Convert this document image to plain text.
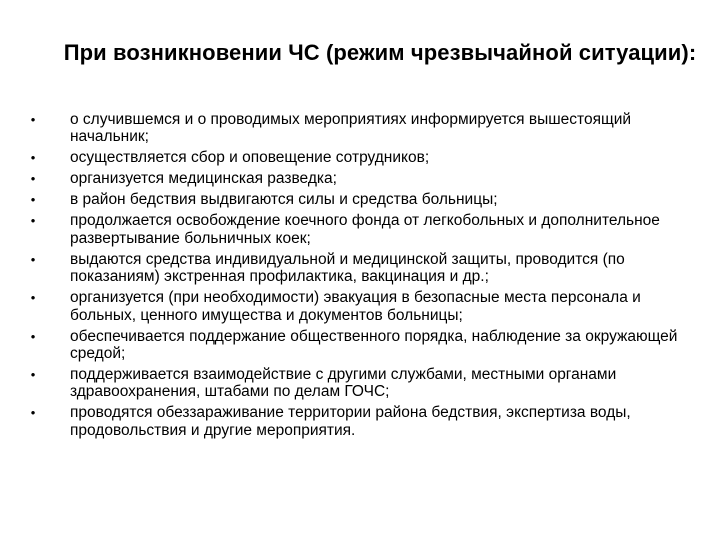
При возникновении ЧС (режим чрезвычайной ситуации):
•	о случившемся и о проводимых мероприятиях информируется вышестоящий начальник;
•	осуществляется сбор и оповещение сотрудников;
•	организуется медицинская разведка;
•	в район бедствия выдвигаются силы и средства больницы;
•	продолжается освобождение коечного фонда от легкобольных и дополнительное развертывание больничных коек;
•	выдаются средства индивидуальной и медицинской защиты, проводится (по показаниям) экстренная профилактика, вакцинация и др.;
•	организуется (при необходимости) эвакуация в безопасные места персонала и больных, ценного имущества и документов больницы;
•	обеспечивается поддержание общественного порядка, наблюдение за окружающей средой;
•	поддерживается взаимодействие с другими службами, местными органами здравоохранения, штабами по делам ГОЧС;
•	проводятся обеззараживание территории района бедствия, экспертиза воды, продовольствия и другие мероприятия.
